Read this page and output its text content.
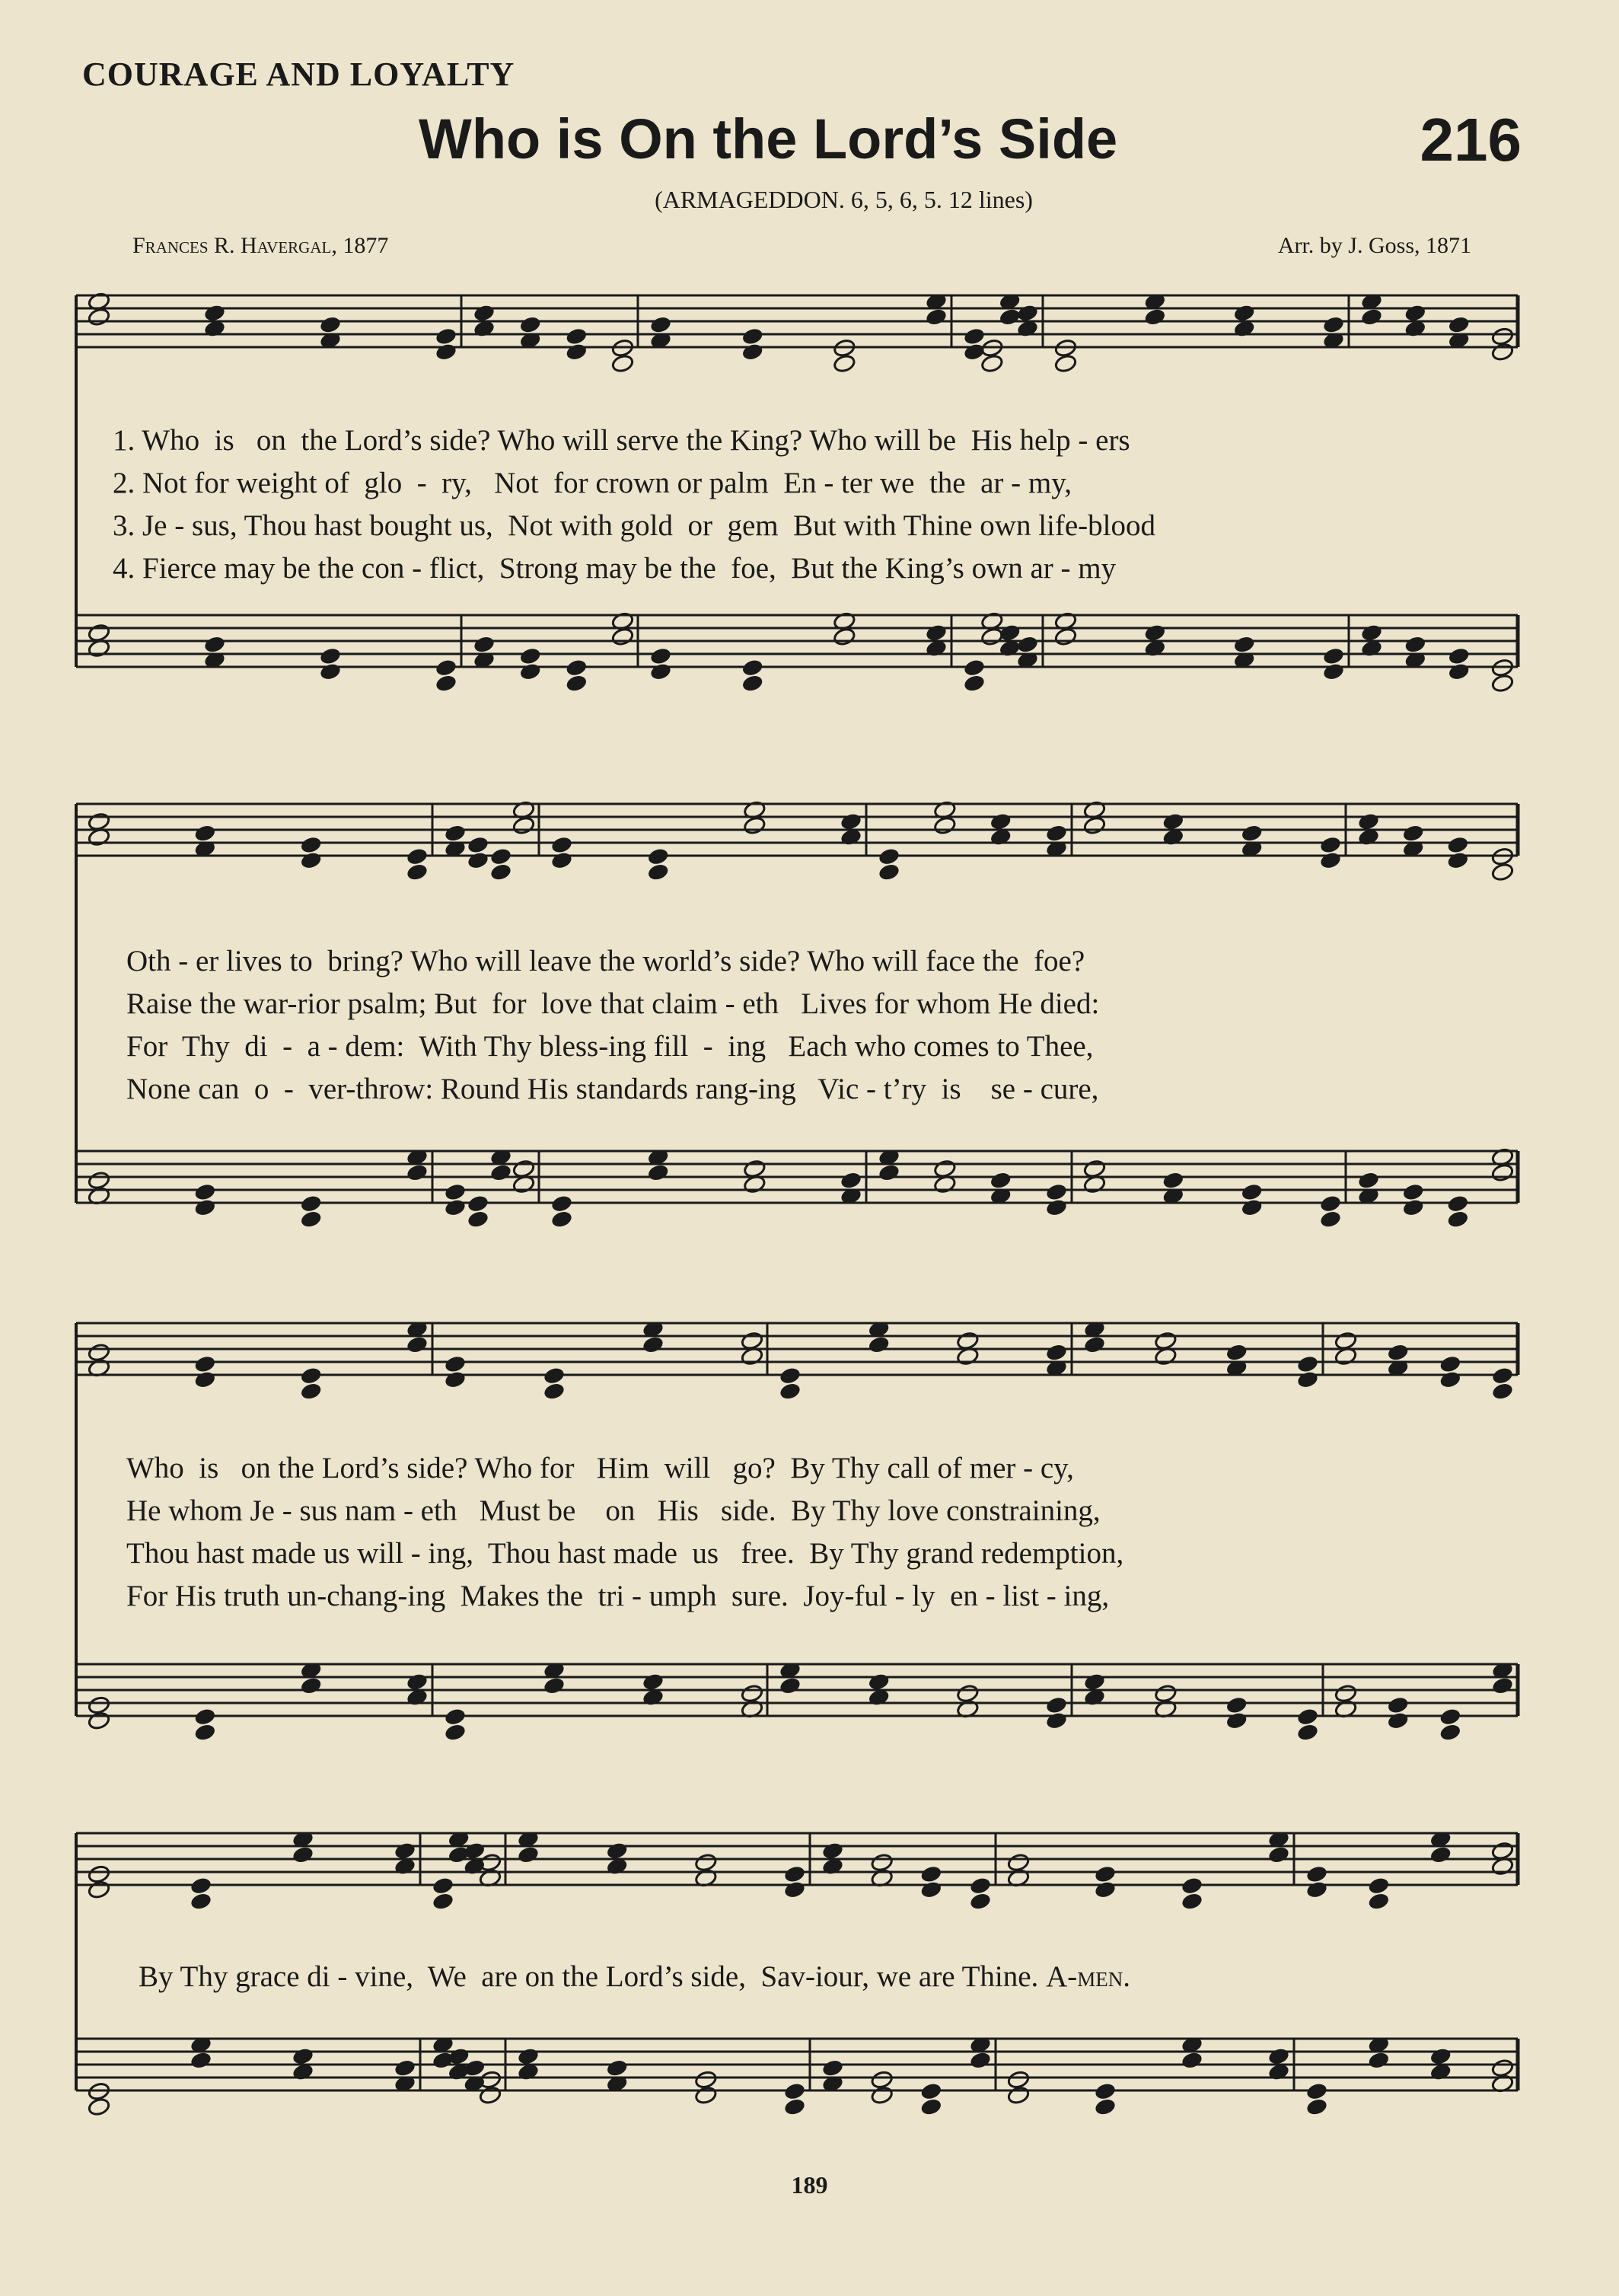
COURAGE AND LOYALTY
Who is On the Lord’s Side	216
(ARMAGEDDON. 6, 5, 6, 5. 12 lines)
Frances R. Havergal, 1877	Arr. by J. Goss, 1871
1. Who  is   on  the Lord’s side? Who will serve the King? Who will be  His help - ers
2. Not for weight of  glo  -  ry,   Not  for crown or palm  En - ter we  the  ar - my,
3. Je - sus, Thou hast bought us,  Not with gold  or  gem  But with Thine own life-blood
4. Fierce may be the con - flict,  Strong may be the  foe,  But the King’s own ar - my
Oth - er lives to  bring? Who will leave the world’s side? Who will face the  foe?
Raise the war-rior psalm; But  for  love that claim - eth   Lives for whom He died:
For  Thy  di  -  a - dem:  With Thy bless-ing fill  -  ing   Each who comes to Thee,
None can  o  -  ver-throw: Round His standards rang-ing   Vic - t’ry  is    se - cure,
Who  is   on the Lord’s side? Who for   Him  will   go?  By Thy call of mer - cy,
He whom Je - sus nam - eth   Must be    on   His   side.  By Thy love constraining,
Thou hast made us will - ing,  Thou hast made  us   free.  By Thy grand redemption,
For His truth un-chang-ing  Makes the  tri - umph  sure.  Joy-ful - ly  en - list - ing,
By Thy grace di - vine,  We  are on the Lord’s side,  Sav-iour, we are Thine. A-men.
189
